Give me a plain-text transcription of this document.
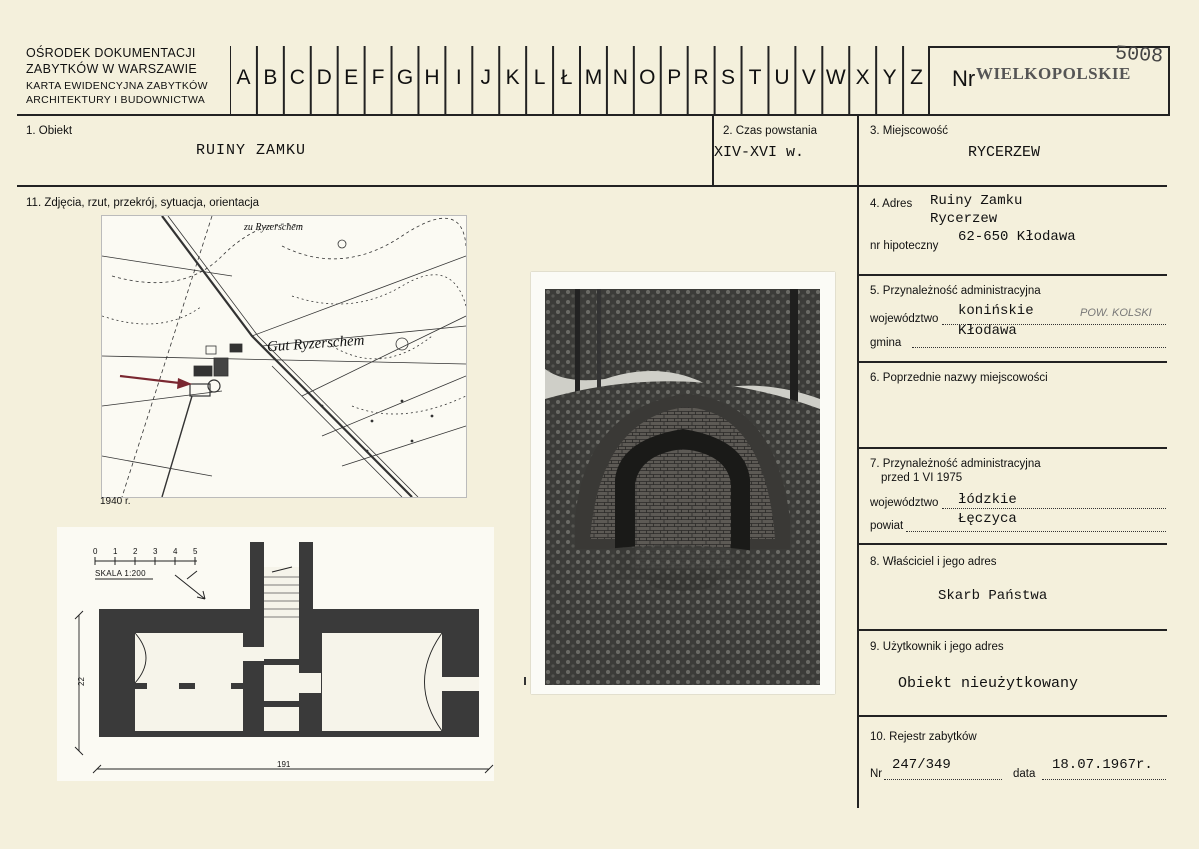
OŚRODEK DOKUMENTACJI
ZABYTKÓW W WARSZAWIE
KARTA EWIDENCYJNA ZABYTKÓW
ARCHITEKTURY I BUDOWNICTWA
A B C D E F G H I J K L Ł M N O P R S T U V W X Y Z Nr WIELKOPOLSKIE
5008
1. Obiekt
RUINY ZAMKU
2. Czas powstania
XIV-XVI w.
3. Miejscowość
RYCERZEW
4. Adres Ruiny Zamku
Rycerzew
nr hipoteczny
62-650 Kłodawa
5. Przynależność administracyjna
województwo konińskie	POW. KOLSKI
gmina
Kłodawa
6. Poprzednie nazwy miejscowości
7. Przynależność administracyjna
przed 1 VI 1975
województwo łódzkie
powiat	Łęczyca
8. Właściciel i jego adres
Skarb Państwa
9. Użytkownik i jego adres
Obiekt nieużytkowany
10. Rejestr zabytków
Nr
247/349
data
18.07.1967r.
11. Zdjęcia, rzut, przekrój, sytuacja, orientacja
zu Ryzerschem
Gut Ryzerschem
1940 r.
0 1 2 3 4 5
SKALA 1:200
22
191
